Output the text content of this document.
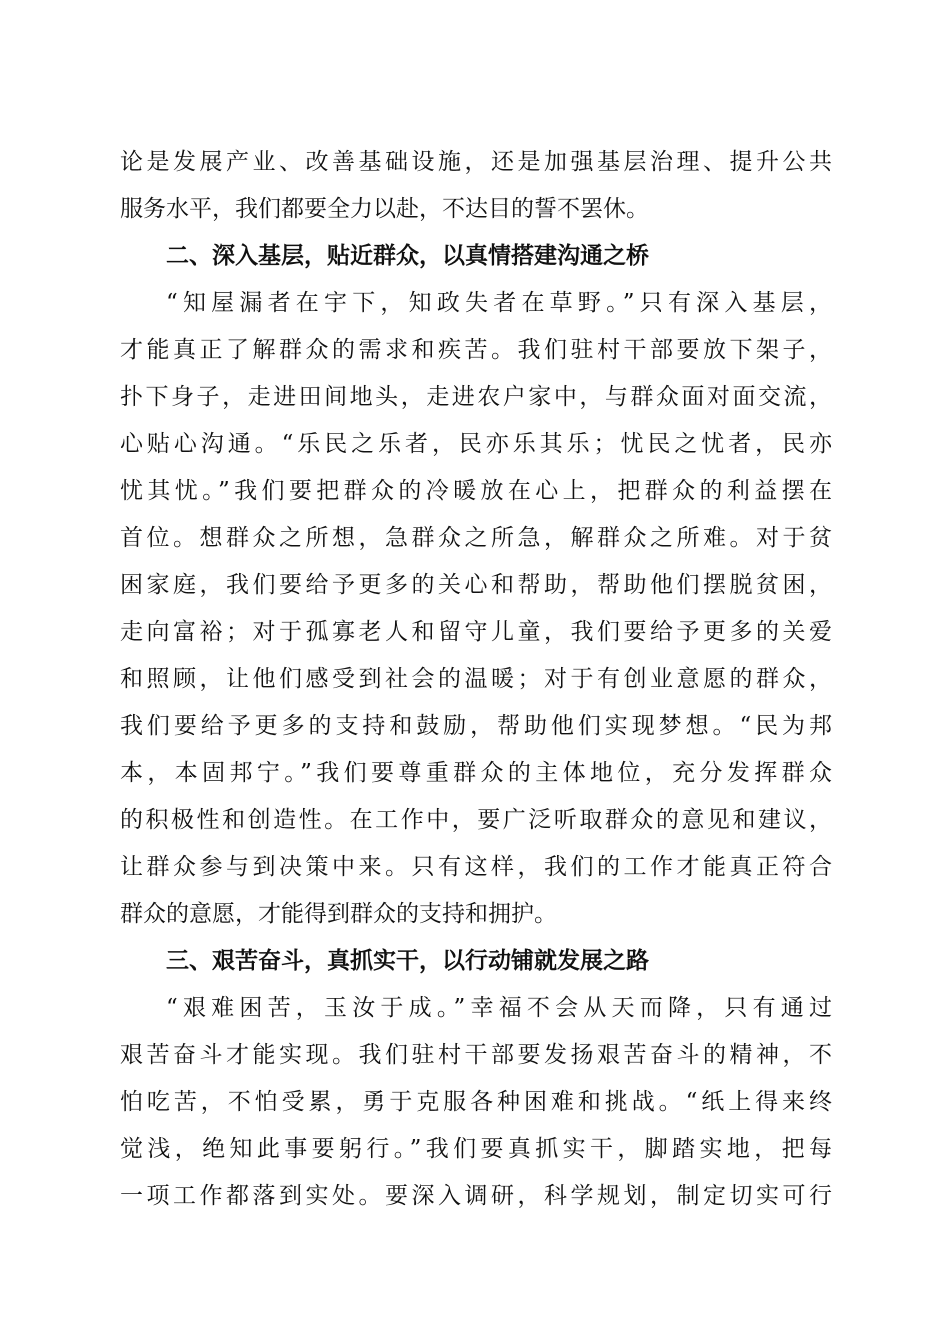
论是发展产业、改善基础设施，还是加强基层治理、提升公共
服务水平，我们都要全力以赴，不达目的誓不罢休。
二、深入基层，贴近群众，以真情搭建沟通之桥
“知屋漏者在宇下，知政失者在草野。”只有深入基层，
才能真正了解群众的需求和疾苦。我们驻村干部要放下架子，
扑下身子，走进田间地头，走进农户家中，与群众面对面交流，
心贴心沟通。“乐民之乐者，民亦乐其乐；忧民之忧者，民亦
忧其忧。”我们要把群众的冷暖放在心上，把群众的利益摆在
首位。想群众之所想，急群众之所急，解群众之所难。对于贫
困家庭，我们要给予更多的关心和帮助，帮助他们摆脱贫困，
走向富裕；对于孤寡老人和留守儿童，我们要给予更多的关爱
和照顾，让他们感受到社会的温暖；对于有创业意愿的群众，
我们要给予更多的支持和鼓励，帮助他们实现梦想。“民为邦
本，本固邦宁。”我们要尊重群众的主体地位，充分发挥群众
的积极性和创造性。在工作中，要广泛听取群众的意见和建议，
让群众参与到决策中来。只有这样，我们的工作才能真正符合
群众的意愿，才能得到群众的支持和拥护。
三、艰苦奋斗，真抓实干，以行动铺就发展之路
“艰难困苦，玉汝于成。”幸福不会从天而降，只有通过
艰苦奋斗才能实现。我们驻村干部要发扬艰苦奋斗的精神，不
怕吃苦，不怕受累，勇于克服各种困难和挑战。“纸上得来终
觉浅，绝知此事要躬行。”我们要真抓实干，脚踏实地，把每
一项工作都落到实处。要深入调研，科学规划，制定切实可行
